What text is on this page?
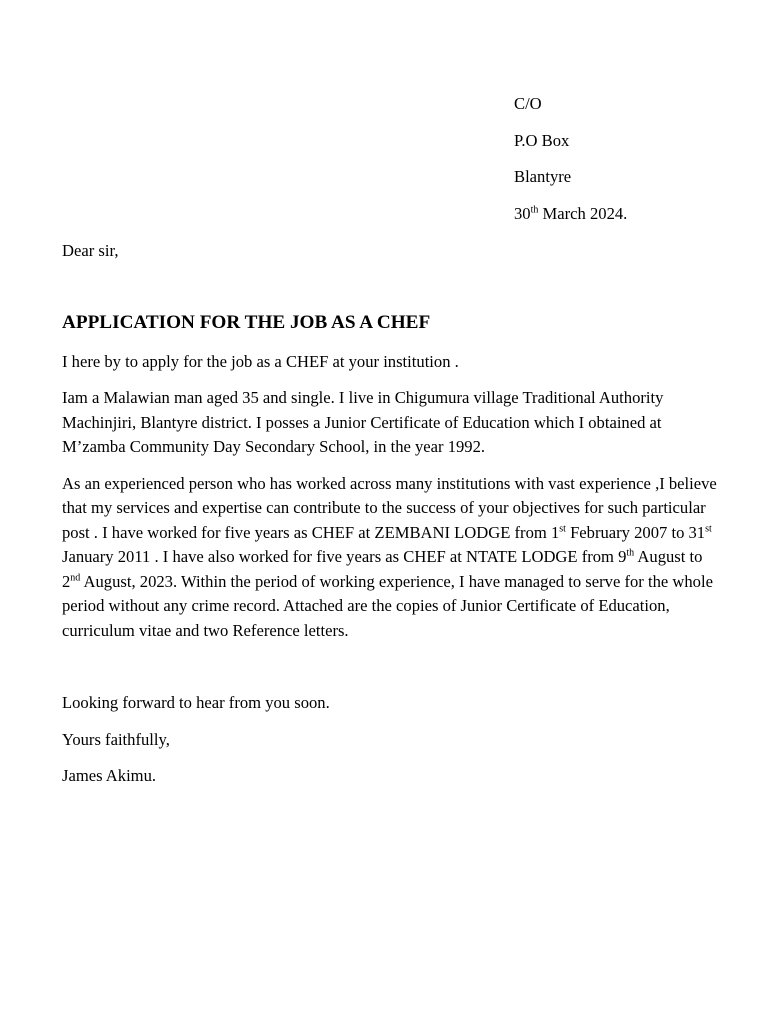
C/O
P.O Box
Blantyre
30th March 2024.
Dear sir,
APPLICATION FOR THE JOB AS A CHEF
I here by to apply for the job as a CHEF at your institution .
Iam a Malawian man aged 35 and single. I live in Chigumura village Traditional Authority Machinjiri, Blantyre district. I posses a Junior Certificate of Education which I obtained at M’zamba Community Day Secondary School, in the year 1992.
As an experienced person who has worked across many institutions with vast experience ,I believe that my services and expertise can contribute to the success of your objectives for such particular post . I have worked for five years as CHEF at ZEMBANI LODGE from 1st February 2007 to 31st January 2011 . I have also worked for five years as CHEF at NTATE LODGE from 9th August to 2nd August, 2023. Within the period of working experience, I have managed to serve for the whole period without any crime record. Attached are the copies of Junior Certificate of Education, curriculum vitae and two Reference letters.
Looking forward to hear from you soon.
Yours faithfully,
James Akimu.
